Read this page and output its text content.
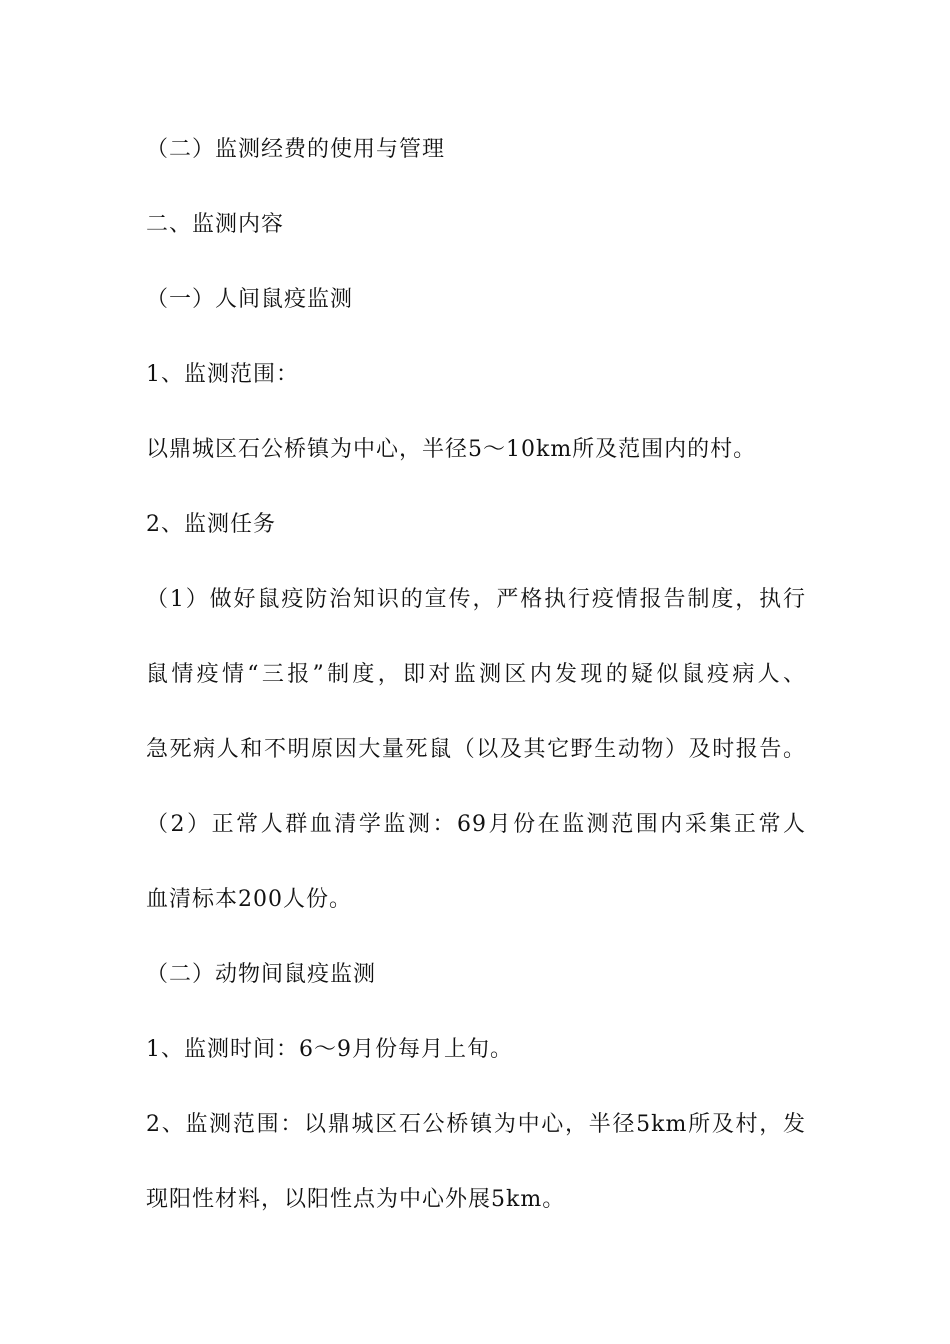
（二）监测经费的使用与管理
二、监测内容
（一）人间鼠疫监测
1、监测范围：
以鼎城区石公桥镇为中心，半径5～10km所及范围内的村。
2、监测任务
（1）做好鼠疫防治知识的宣传，严格执行疫情报告制度，执行
鼠情疫情“三报”制度，即对监测区内发现的疑似鼠疫病人、
急死病人和不明原因大量死鼠（以及其它野生动物）及时报告。
（2）正常人群血清学监测：69月份在监测范围内采集正常人
血清标本200人份。
（二）动物间鼠疫监测
1、监测时间：6～9月份每月上旬。
2、监测范围：以鼎城区石公桥镇为中心，半径5km所及村，发
现阳性材料，以阳性点为中心外展5km。
